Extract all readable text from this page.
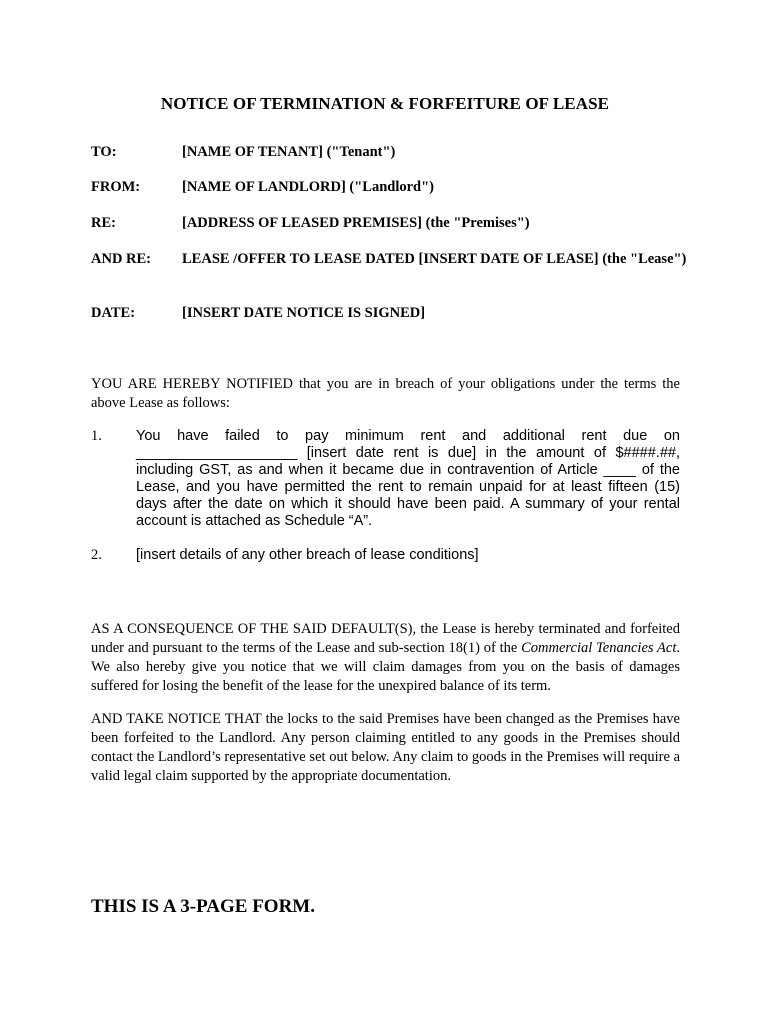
NOTICE OF TERMINATION & FORFEITURE OF LEASE
TO:	[NAME OF TENANT] ("Tenant")
FROM:	[NAME OF LANDLORD] ("Landlord")
RE:	[ADDRESS OF LEASED PREMISES] (the "Premises")
AND RE:	LEASE /OFFER TO LEASE DATED [INSERT DATE OF LEASE] (the "Lease")
DATE:	[INSERT DATE NOTICE IS SIGNED]
YOU ARE HEREBY NOTIFIED that you are in breach of your obligations under the terms the above Lease as follows:
1. You have failed to pay minimum rent and additional rent due on ____________________ [insert date rent is due] in the amount of $####.##, including GST, as and when it became due in contravention of Article ____ of the Lease, and you have permitted the rent to remain unpaid for at least fifteen (15) days after the date on which it should have been paid. A summary of your rental account is attached as Schedule “A”.
2. [insert details of any other breach of lease conditions]
AS A CONSEQUENCE OF THE SAID DEFAULT(S), the Lease is hereby terminated and forfeited under and pursuant to the terms of the Lease and sub-section 18(1) of the Commercial Tenancies Act. We also hereby give you notice that we will claim damages from you on the basis of damages suffered for losing the benefit of the lease for the unexpired balance of its term.
AND TAKE NOTICE THAT the locks to the said Premises have been changed as the Premises have been forfeited to the Landlord. Any person claiming entitled to any goods in the Premises should contact the Landlord’s representative set out below. Any claim to goods in the Premises will require a valid legal claim supported by the appropriate documentation.
THIS IS A 3-PAGE FORM.
